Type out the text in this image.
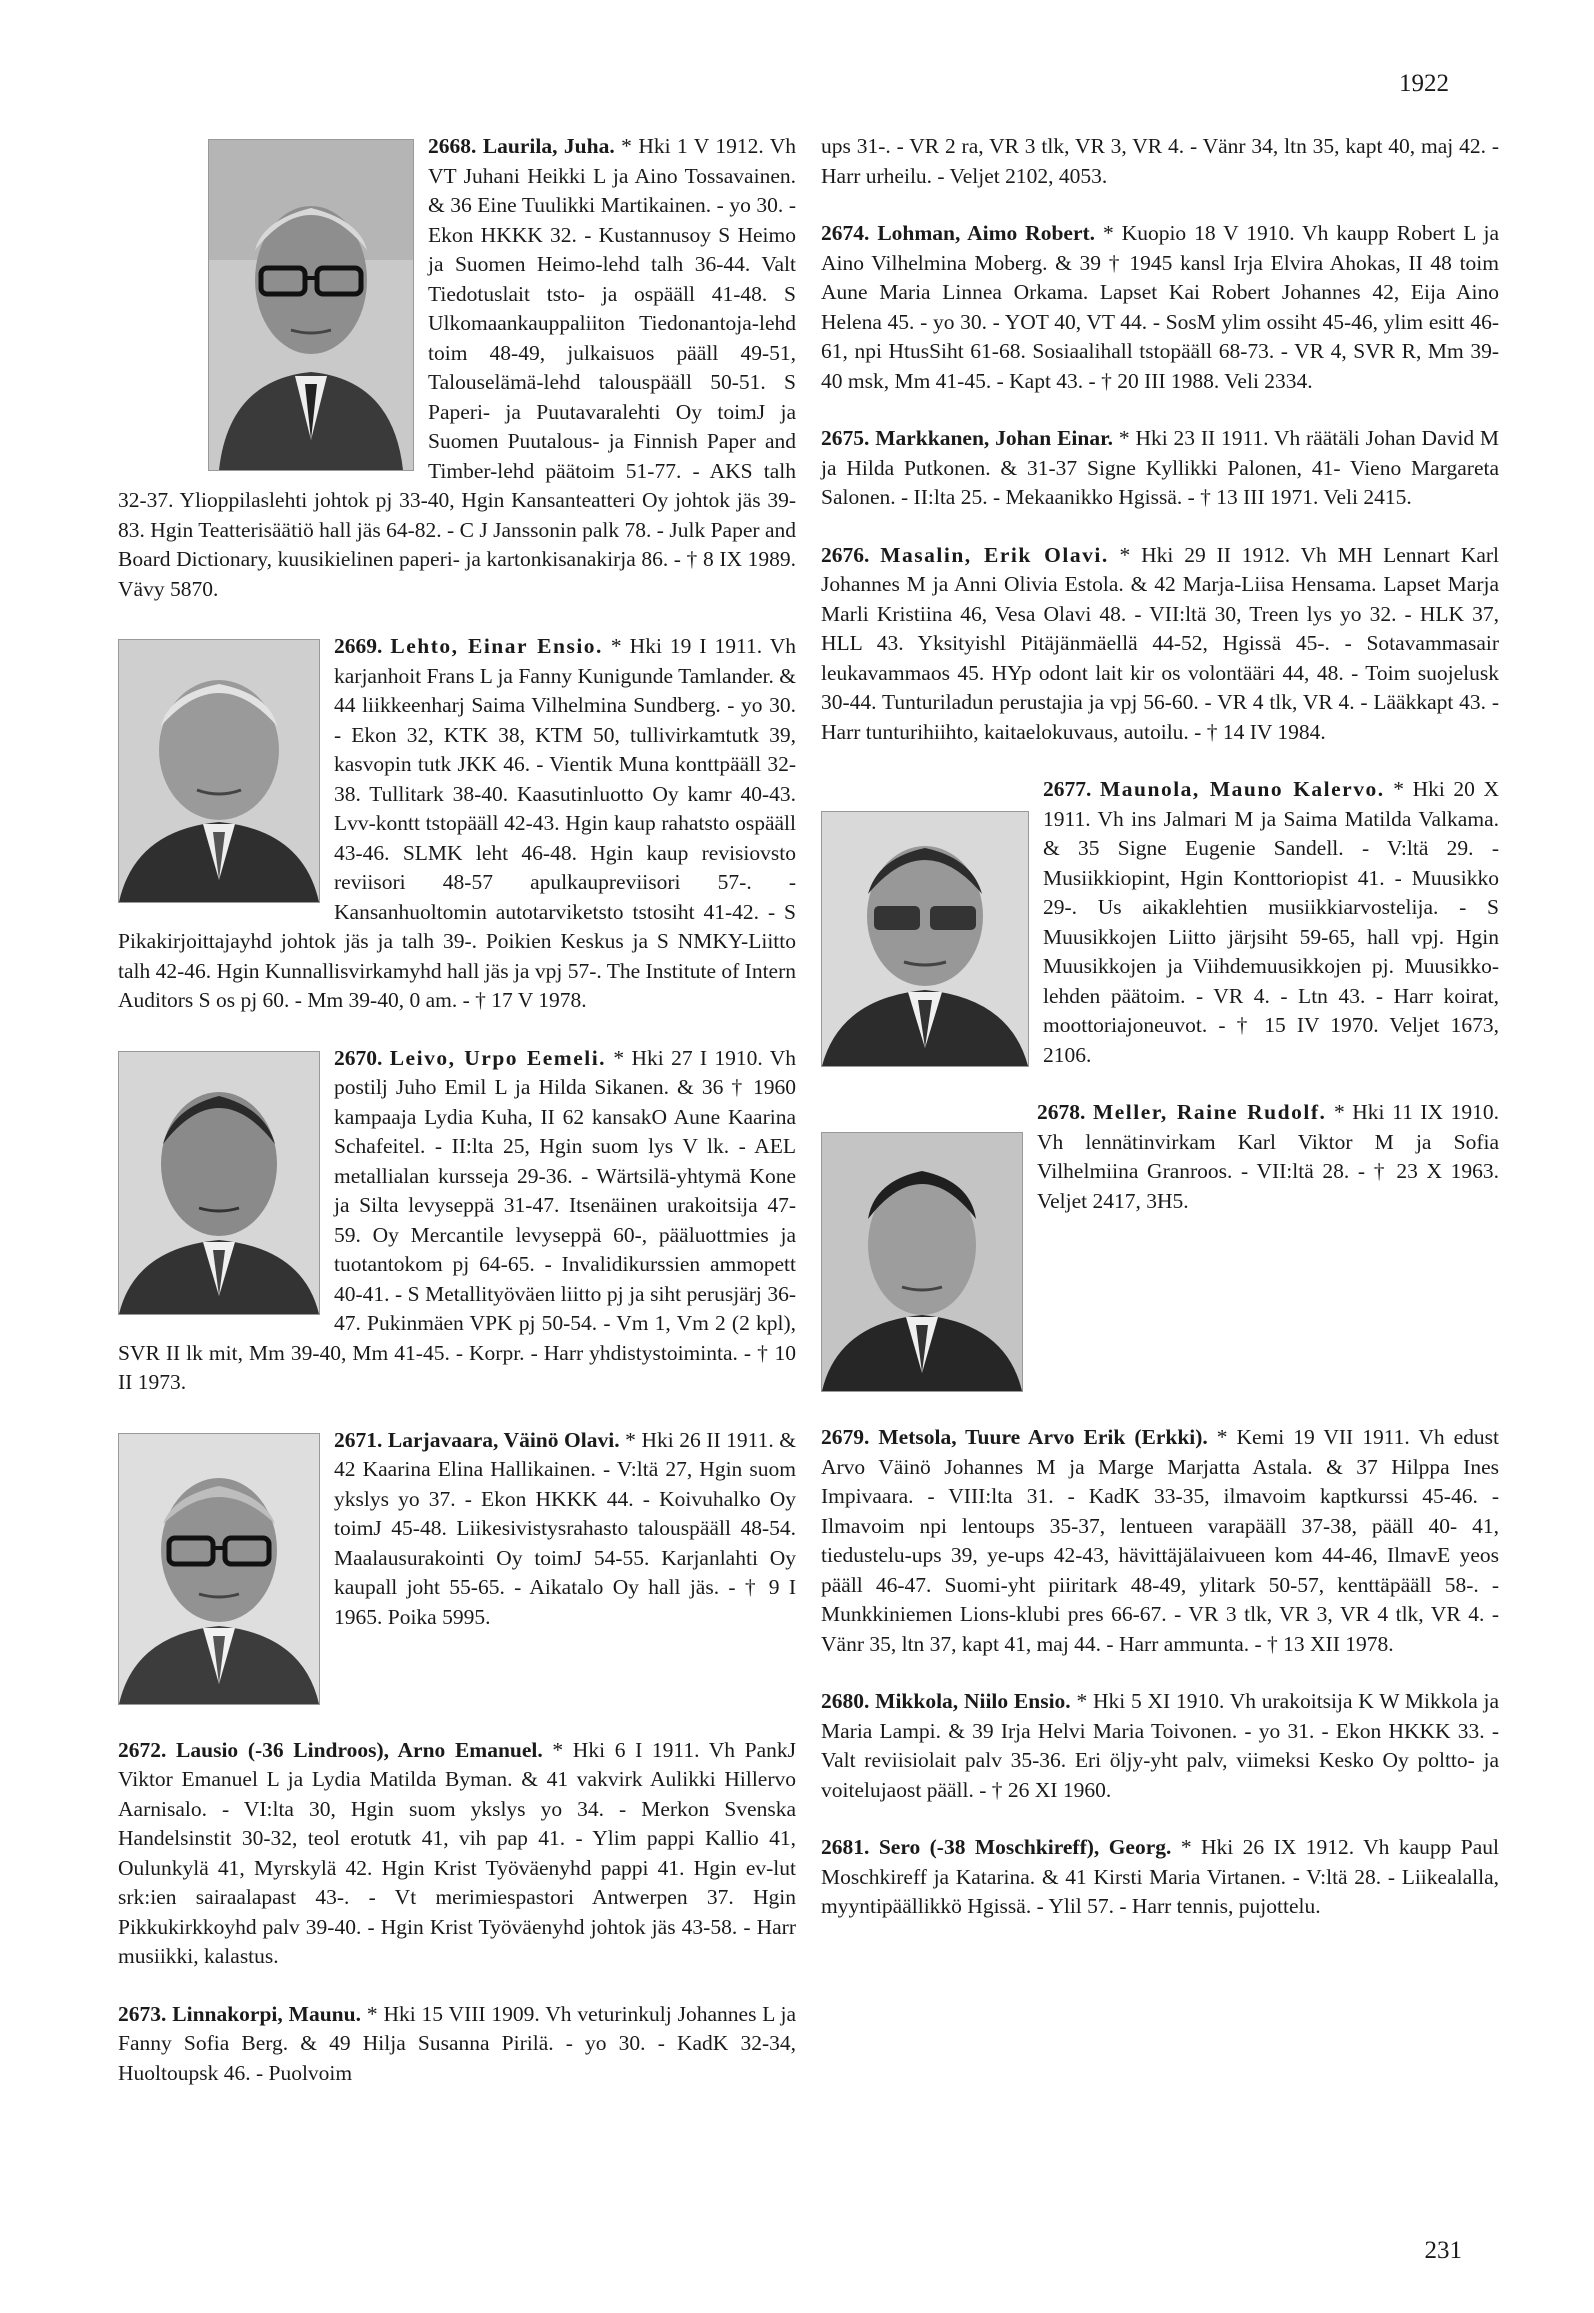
1922
2668. Laurila, Juha. * Hki 1 V 1912. Vh VT Juhani Heikki L ja Aino Tossavainen. & 36 Eine Tuulikki Martikainen. - yo 30. - Ekon HKKK 32. - Kustannusoy S Heimo ja Suomen Heimo-lehd talh 36-44. Valt Tiedotuslait tsto- ja ospääll 41-48. S Ulkomaankauppaliiton Tiedonantoja-lehd toim 48-49, julkaisuos pääll 49-51, Talouselämä-lehd talouspääll 50-51. S Paperi- ja Puutavaralehti Oy toimJ ja Suomen Puutalous- ja Finnish Paper and Timber-lehd päätoim 51-77. - AKS talh 32-37. Ylioppilaslehti johtok pj 33-40, Hgin Kansanteatteri Oy johtok jäs 39-83. Hgin Teatterisäätiö hall jäs 64-82. - C J Janssonin palk 78. - Julk Paper and Board Dictionary, kuusikielinen paperi- ja kartonkisanakirja 86. - † 8 IX 1989. Vävy 5870.
2669. Lehto, Einar Ensio. * Hki 19 I 1911. Vh karjanhoit Frans L ja Fanny Kunigunde Tamlander. & 44 liikkeenharj Saima Vilhelmina Sundberg. - yo 30. - Ekon 32, KTK 38, KTM 50, tullivirkamtutk 39, kasvopin tutk JKK 46. - Vientik Muna konttpääll 32-38. Tullitark 38-40. Kaasutinluotto Oy kamr 40-43. Lvv-kontt tstopääll 42-43. Hgin kaup rahatsto ospääll 43-46. SLMK leht 46-48. Hgin kaup revisiovsto reviisori 48-57 apulkaupreviisori 57-. - Kansanhuoltomin autotarviketsto tstosiht 41-42. - S Pikakirjoittajayhd johtok jäs ja talh 39-. Poikien Keskus ja S NMKY-Liitto talh 42-46. Hgin Kunnallisvirkamyhd hall jäs ja vpj 57-. The Institute of Intern Auditors S os pj 60. - Mm 39-40, 0 am. - † 17 V 1978.
2670. Leivo, Urpo Eemeli. * Hki 27 I 1910. Vh postilj Juho Emil L ja Hilda Sikanen. & 36 † 1960 kampaaja Lydia Kuha, II 62 kansakO Aune Kaarina Schafeitel. - II:lta 25, Hgin suom lys V lk. - AEL metallialan kursseja 29-36. - Wärtsilä-yhtymä Kone ja Silta levyseppä 31-47. Itsenäinen urakoitsija 47-59. Oy Mercantile levyseppä 60-, pääluottmies ja tuotantokom pj 64-65. - Invalidikurssien ammopett 40-41. - S Metallityöväen liitto pj ja siht perusjärj 36-47. Pukinmäen VPK pj 50-54. - Vm 1, Vm 2 (2 kpl), SVR II lk mit, Mm 39-40, Mm 41-45. - Korpr. - Harr yhdistystoiminta. - † 10 II 1973.
2671. Larjavaara, Väinö Olavi. * Hki 26 II 1911. & 42 Kaarina Elina Hallikainen. - V:ltä 27, Hgin suom ykslys yo 37. - Ekon HKKK 44. - Koivuhalko Oy toimJ 45-48. Liikesivistysrahasto talouspääll 48-54. Maalausurakointi Oy toimJ 54-55. Karjanlahti Oy kaupall joht 55-65. - Aikatalo Oy hall jäs. - † 9 I 1965. Poika 5995.
2672. Lausio (-36 Lindroos), Arno Emanuel. * Hki 6 I 1911. Vh PankJ Viktor Emanuel L ja Lydia Matilda Byman. & 41 vakvirk Aulikki Hillervo Aarnisalo. - VI:lta 30, Hgin suom ykslys yo 34. - Merkon Svenska Handelsinstit 30-32, teol erotutk 41, vih pap 41. - Ylim pappi Kallio 41, Oulunkylä 41, Myrskylä 42. Hgin Krist Työväenyhd pappi 41. Hgin ev-lut srk:ien sairaalapast 43-. - Vt merimiespastori Antwerpen 37. Hgin Pikkukirkkoyhd palv 39-40. - Hgin Krist Työväenyhd johtok jäs 43-58. - Harr musiikki, kalastus.
2673. Linnakorpi, Maunu. * Hki 15 VIII 1909. Vh veturinkulj Johannes L ja Fanny Sofia Berg. & 49 Hilja Susanna Pirilä. - yo 30. - KadK 32-34, Huoltoupsk 46. - Puolvoim
ups 31-. - VR 2 ra, VR 3 tlk, VR 3, VR 4. - Vänr 34, ltn 35, kapt 40, maj 42. - Harr urheilu. - Veljet 2102, 4053.
2674. Lohman, Aimo Robert. * Kuopio 18 V 1910. Vh kaupp Robert L ja Aino Vilhelmina Moberg. & 39 † 1945 kansl Irja Elvira Ahokas, II 48 toim Aune Maria Linnea Orkama. Lapset Kai Robert Johannes 42, Eija Aino Helena 45. - yo 30. - YOT 40, VT 44. - SosM ylim ossiht 45-46, ylim esitt 46-61, npi HtusSiht 61-68. Sosiaalihall tstopääll 68-73. - VR 4, SVR R, Mm 39-40 msk, Mm 41-45. - Kapt 43. - † 20 III 1988. Veli 2334.
2675. Markkanen, Johan Einar. * Hki 23 II 1911. Vh räätäli Johan David M ja Hilda Putkonen. & 31-37 Signe Kyllikki Palonen, 41- Vieno Margareta Salonen. - II:lta 25. - Mekaanikko Hgissä. - † 13 III 1971. Veli 2415.
2676. Masalin, Erik Olavi. * Hki 29 II 1912. Vh MH Lennart Karl Johannes M ja Anni Olivia Estola. & 42 Marja-Liisa Hensama. Lapset Marja Marli Kristiina 46, Vesa Olavi 48. - VII:ltä 30, Treen lys yo 32. - HLK 37, HLL 43. Yksityishl Pitäjänmäellä 44-52, Hgissä 45-. - Sotavammasair leukavammaos 45. HYp odont lait kir os volontääri 44, 48. - Toim suojelusk 30-44. Tunturiladun perustajia ja vpj 56-60. - VR 4 tlk, VR 4. - Lääkkapt 43. - Harr tunturihiihto, kaitaelokuvaus, autoilu. - † 14 IV 1984.
2677. Maunola, Mauno Kalervo. * Hki 20 X 1911. Vh ins Jalmari M ja Saima Matilda Valkama. & 35 Signe Eugenie Sandell. - V:ltä 29. - Musiikkiopint, Hgin Konttoriopist 41. - Muusikko 29-. Us aikaklehtien musiikkiarvostelija. - S Muusikkojen Liitto järjsiht 59-65, hall vpj. Hgin Muusikkojen ja Viihdemuusikkojen pj. Muusikko-lehden päätoim. - VR 4. - Ltn 43. - Harr koirat, moottoriajoneuvot. - † 15 IV 1970. Veljet 1673, 2106.
2678. Meller, Raine Rudolf. * Hki 11 IX 1910. Vh lennätinvirkam Karl Viktor M ja Sofia Vilhelmiina Granroos. - VII:ltä 28. - † 23 X 1963. Veljet 2417, 3H5.
2679. Metsola, Tuure Arvo Erik (Erkki). * Kemi 19 VII 1911. Vh edust Arvo Väinö Johannes M ja Marge Marjatta Astala. & 37 Hilppa Ines Impivaara. - VIII:lta 31. - KadK 33-35, ilmavoim kaptkurssi 45-46. - Ilmavoim npi lentoups 35-37, lentueen varapääll 37-38, pääll 40- 41, tiedustelu-ups 39, ye-ups 42-43, hävittäjälaivueen kom 44-46, IlmavE yeos pääll 46-47. Suomi-yht piiritark 48-49, ylitark 50-57, kenttäpääll 58-. - Munkkiniemen Lions-klubi pres 66-67. - VR 3 tlk, VR 3, VR 4 tlk, VR 4. - Vänr 35, ltn 37, kapt 41, maj 44. - Harr ammunta. - † 13 XII 1978.
2680. Mikkola, Niilo Ensio. * Hki 5 XI 1910. Vh urakoitsija K W Mikkola ja Maria Lampi. & 39 Irja Helvi Maria Toivonen. - yo 31. - Ekon HKKK 33. - Valt reviisiolait palv 35-36. Eri öljy-yht palv, viimeksi Kesko Oy poltto- ja voitelujaost pääll. - † 26 XI 1960.
2681. Sero (-38 Moschkireff), Georg. * Hki 26 IX 1912. Vh kaupp Paul Moschkireff ja Katarina. & 41 Kirsti Maria Virtanen. - V:ltä 28. - Liikealalla, myyntipäällikkö Hgissä. - Ylil 57. - Harr tennis, pujottelu.
231
